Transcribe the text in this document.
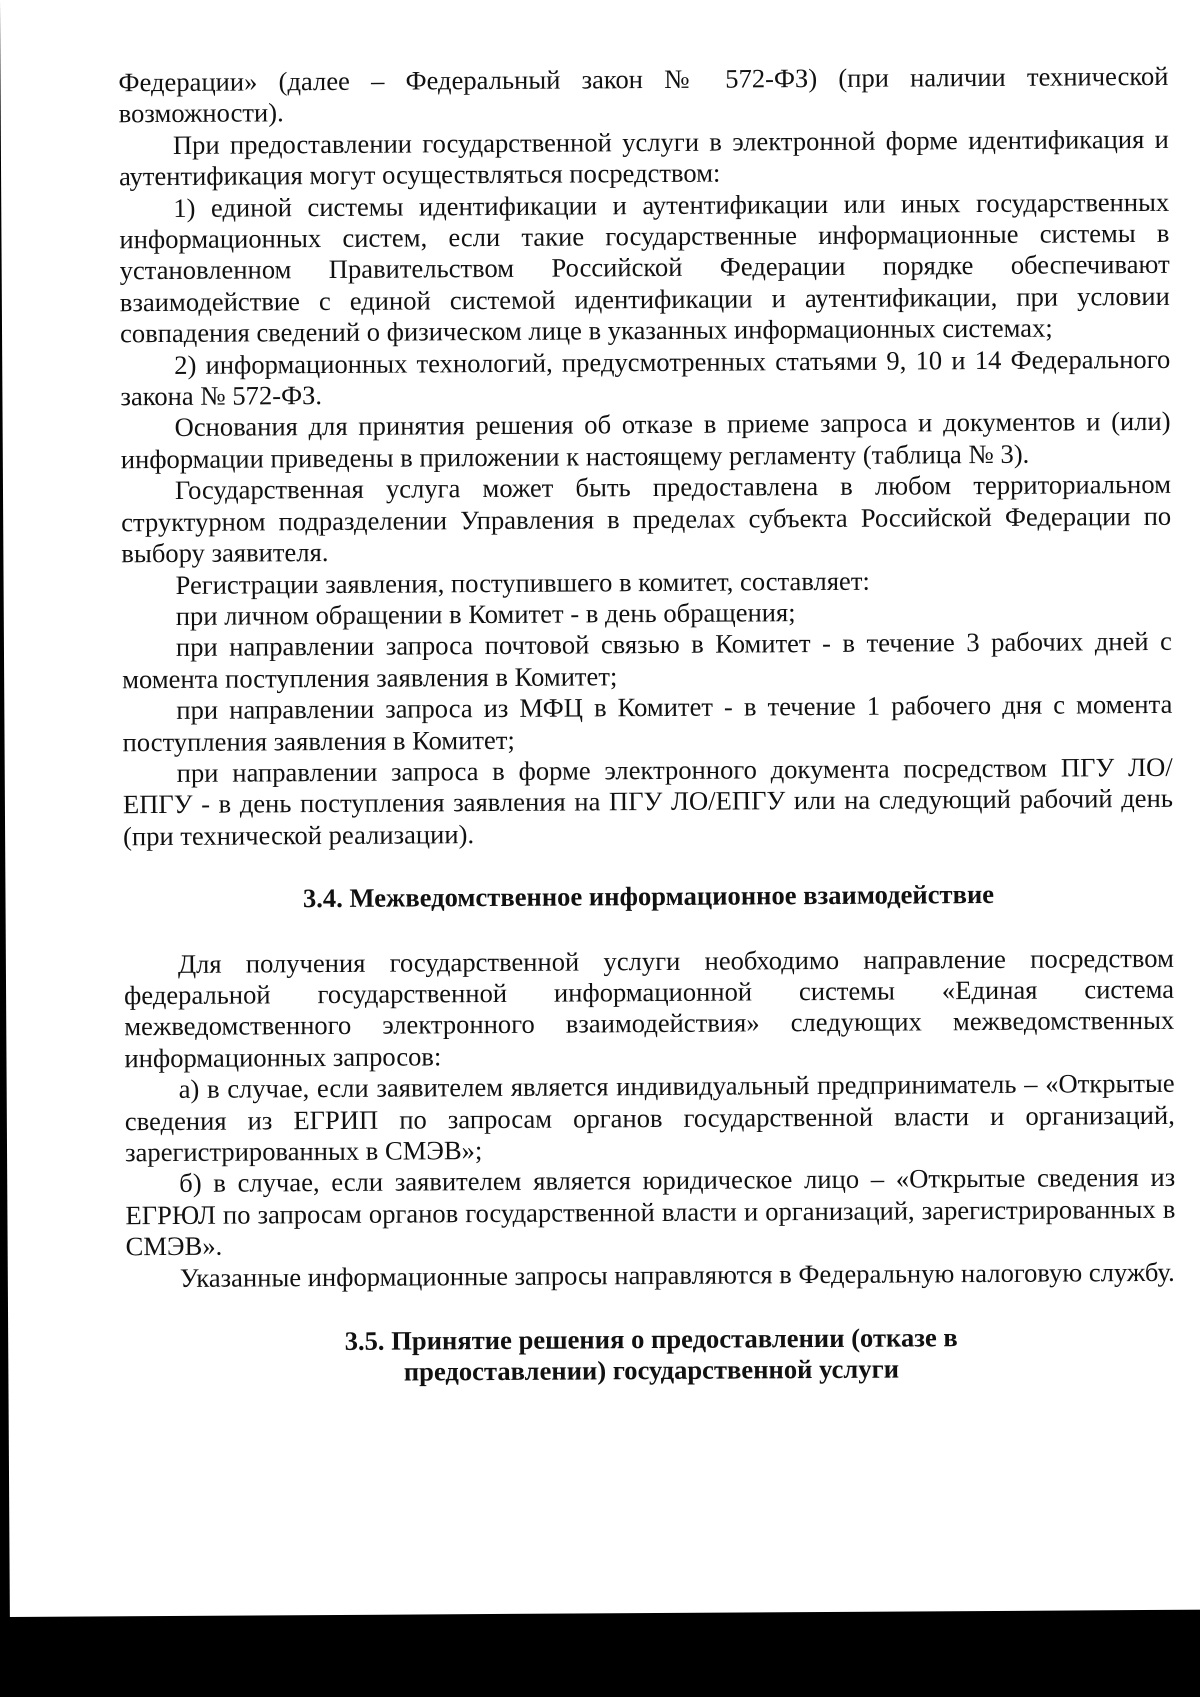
Федерации» (далее – Федеральный закон № 572-ФЗ) (при наличии технической возможности).

При предоставлении государственной услуги в электронной форме идентификация и аутентификация могут осуществляться посредством:

1) единой системы идентификации и аутентификации или иных государственных информационных систем, если такие государственные информационные системы в установленном Правительством Российской Федерации порядке обеспечивают взаимодействие с единой системой идентификации и аутентификации, при условии совпадения сведений о физическом лице в указанных информационных системах;

2) информационных технологий, предусмотренных статьями 9, 10 и 14 Федерального закона № 572-ФЗ.

Основания для принятия решения об отказе в приеме запроса и документов и (или) информации приведены в приложении к настоящему регламенту (таблица № 3).

Государственная услуга может быть предоставлена в любом территориальном структурном подразделении Управления в пределах субъекта Российской Федерации по выбору заявителя.

Регистрации заявления, поступившего в комитет, составляет:

при личном обращении в Комитет - в день обращения;

при направлении запроса почтовой связью в Комитет - в течение 3 рабочих дней с момента поступления заявления в Комитет;

при направлении запроса из МФЦ в Комитет - в течение 1 рабочего дня с момента поступления заявления в Комитет;

при направлении запроса в форме электронного документа посредством ПГУ ЛО/ЕПГУ - в день поступления заявления на ПГУ ЛО/ЕПГУ или на следующий рабочий день (при технической реализации).

3.4. Межведомственное информационное взаимодействие

Для получения государственной услуги необходимо направление посредством федеральной государственной информационной системы «Единая система межведомственного электронного взаимодействия» следующих межведомственных информационных запросов:

а) в случае, если заявителем является индивидуальный предприниматель – «Открытые сведения из ЕГРИП по запросам органов государственной власти и организаций, зарегистрированных в СМЭВ»;

б) в случае, если заявителем является юридическое лицо – «Открытые сведения из ЕГРЮЛ по запросам органов государственной власти и организаций, зарегистрированных в СМЭВ».

Указанные информационные запросы направляются в Федеральную налоговую службу.

3.5. Принятие решения о предоставлении (отказе в предоставлении) государственной услуги
